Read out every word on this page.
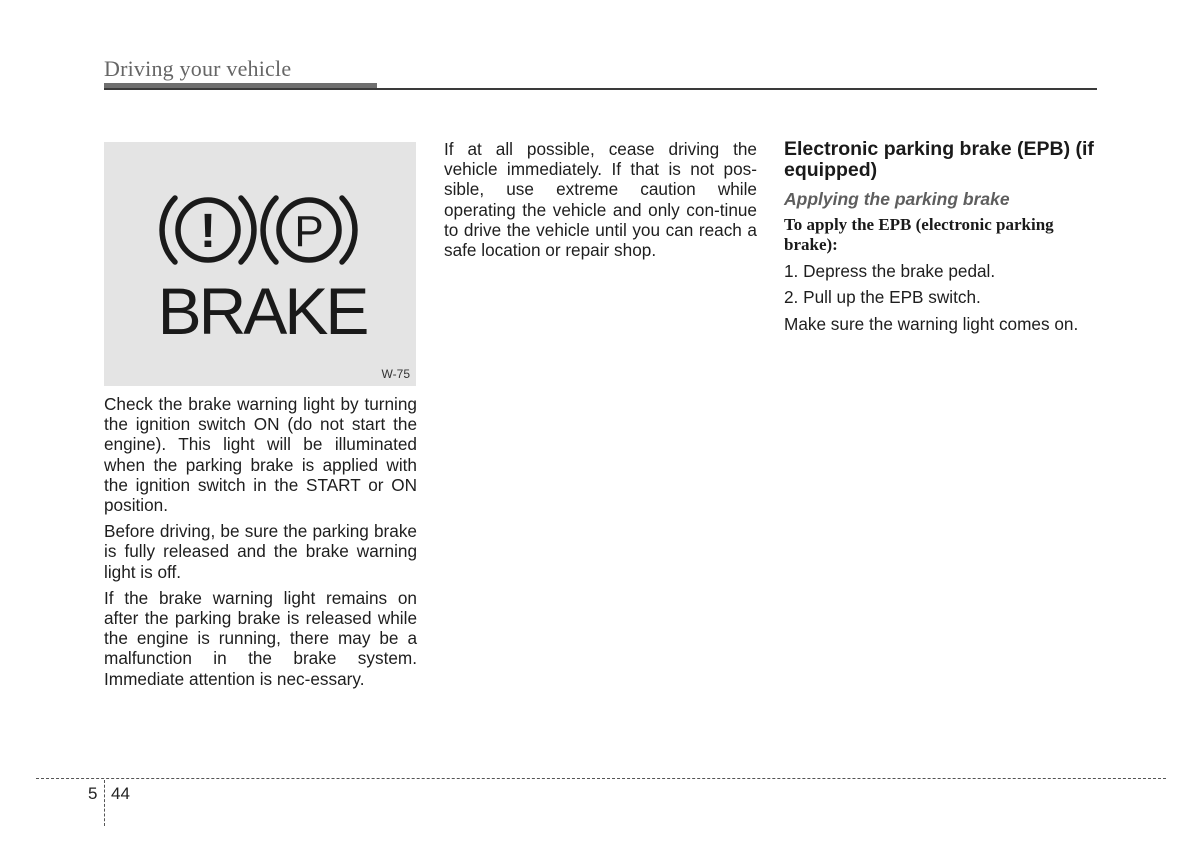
Driving your vehicle
! P
BRAKE
W-75

Check the brake warning light by turning the ignition switch ON (do not start the engine). This light will be illuminated when the parking brake is applied with the ignition switch in the START or ON position.

Before driving, be sure the parking brake is fully released and the brake warning light is off.

If the brake warning light remains on after the parking brake is released while the engine is running, there may be a malfunction in the brake system. Immediate attention is nec-essary.

If at all possible, cease driving the vehicle immediately. If that is not pos-sible, use extreme caution while operating the vehicle and only con-tinue to drive the vehicle until you can reach a safe location or repair shop.

Electronic parking brake (EPB) (if equipped)
Applying the parking brake
To apply the EPB (electronic parking brake):

1. Depress the brake pedal.

2. Pull up the EPB switch.

Make sure the warning light comes on.

5 44
